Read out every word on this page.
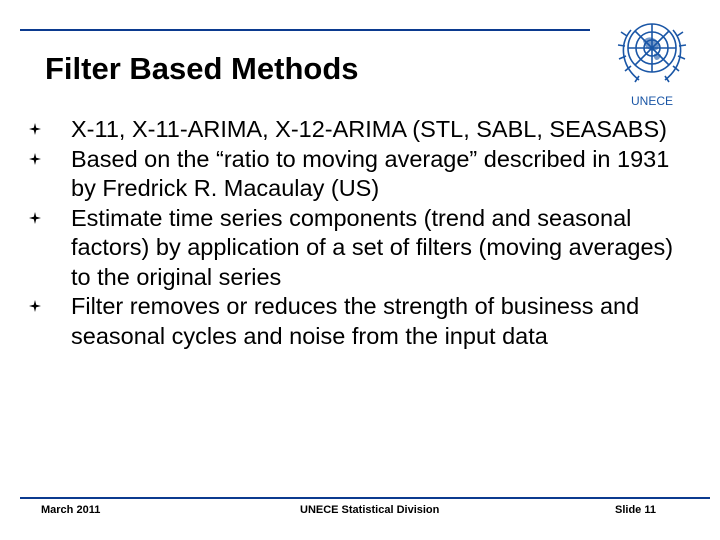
Filter Based Methods
UNECE
X-11, X-11-ARIMA, X-12-ARIMA (STL, SABL, SEASABS)
Based on the “ratio to moving average” described in 1931 by Fredrick R. Macaulay (US)
Estimate time series components (trend and seasonal factors) by application of a set of filters (moving averages) to the original series
Filter removes or reduces the strength of business and seasonal cycles and noise from the input data
March 2011	UNECE Statistical Division	Slide 11
